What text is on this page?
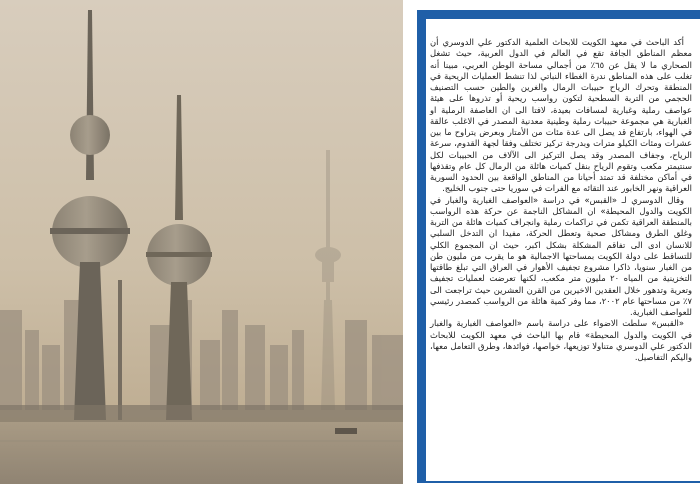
أكد الباحث في معهد الكويت للابحاث العلمية الدكتور علي الدوسري أن معظم المناطق الجافة تقع في العالم في الدول العربية، حيث تشغل الصحاري ما لا يقل عن ٦٥٪ من أجمالي مساحة الوطن العربي، مبينا أنه تغلب على هذه المناطق ندرة الغطاء النباتي لذا تنشط العمليات الريحية في المنطقة وتحرك الرياح حبيبات الرمال والغرين والطين حسب التصنيف الحجمي من التربة السطحية لتكون رواسب ريحية أو تذروها على هيئة عواصف رملية وغبارية لمسافات بعيدة، لافتا الى ان العاصفة الرملية او الغبارية هي مجموعة حبيبات رملية وطينية معدنية المصدر في الاغلب عالقة في الهواء، بارتفاع قد يصل الى عدة مئات من الأمتار وبعرض يتراوح ما بين عشرات ومئات الكيلو مترات وبدرجة تركيز تختلف وفقا لجهة القدوم، سرعة الرياح، وجفاف المصدر وقد يصل التركيز الى الآلاف من الحبيبات لكل سنتيمتر مكعب وتقوم الرياح بنقل كميات هائلة من الرمال كل عام وتقذفها في أماكن مختلفة قد تمتد أحيانا من المناطق الواقعة بين الحدود السورية العراقية ونهر الخابور عند التقائه مع الفرات في سوريا حتى جنوب الخليج.

وقال الدوسري لـ «القبس» في دراسة «العواصف الغبارية والغبار في الكويت والدول المحيطة» ان المشاكل الناجمة عن حركة هذه الرواسب بالمنطقة العراقية تكمن في تراكمات رملية وانجراف كميات هائلة من التربة وغلق الطرق ومشاكل صحية وتعطل الحركة، مفيدا ان التدخل السلبي للانسان ادى الى تفاقم المشكلة بشكل اكبر، حيث ان المجموع الكلي للتساقط على دولة الكويت بمساحتها الاجمالية هو ما يقرب من مليون طن من الغبار سنويا، ذاكرا مشروع تجفيف الأهوار في العراق التي تبلغ طاقتها التخزينية من المياه ٢٠ مليون متر مكعب، لكنها تعرضت لعمليات تجفيف وتعرية وتدهور خلال العقدين الاخيرين من القرن العشرين حيث تراجعت الى ٧٪ من مساحتها عام ٢٠٠٢، مما وفر كمية هائلة من الرواسب كمصدر رئيسي للعواصف الغبارية.

«القبس» سلطت الاضواء على دراسة باسم «العواصف الغبارية والغبار في الكويت والدول المحيطة» قام بها الباحث في معهد الكويت للابحاث الدكتور علي الدوسري متناولا توزيعها، خواصها، فوائدها، وطرق التعامل معها، واليكم التفاصيل.
